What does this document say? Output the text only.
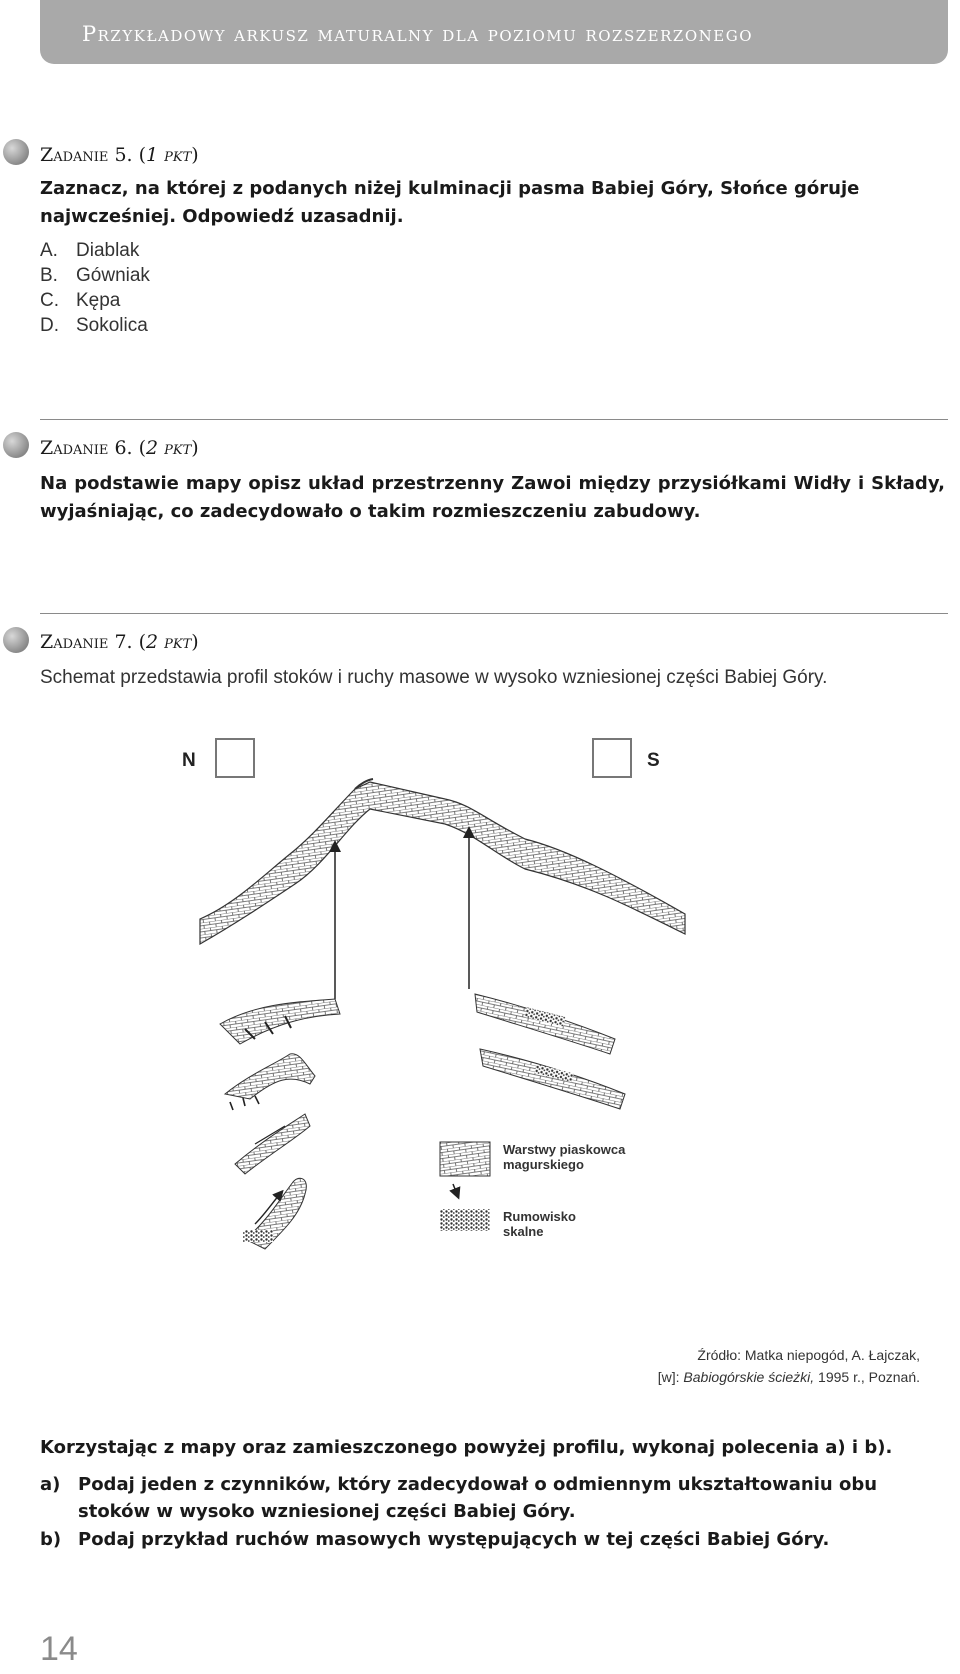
Przykładowy arkusz maturalny dla poziomu rozszerzonego
Zadanie 5. (1 pkt)
Zaznacz, na której z podanych niżej kulminacji pasma Babiej Góry, Słońce góruje najwcześniej. Odpowiedź uzasadnij.
A. Diablak
B. Gówniak
C. Kępa
D. Sokolica
Zadanie 6. (2 pkt)
Na podstawie mapy opisz układ przestrzenny Zawoi między przysiółkami Widły i Składy, wyjaśniając, co zadecydowało o takim rozmieszczeniu zabudowy.
Zadanie 7. (2 pkt)
Schemat przedstawia profil stoków i ruchy masowe w wysoko wzniesionej części Babiej Góry.
N	S
Warstwy piaskowca
magurskiego
Rumowisko
skalne
Źródło: Matka niepogód, A. Łajczak,
[w]: Babiogórskie ścieżki, 1995 r., Poznań.
Korzystając z mapy oraz zamieszczonego powyżej profilu, wykonaj polecenia a) i b).
a) Podaj jeden z czynników, który zadecydował o odmiennym ukształtowaniu obu stoków w wysoko wzniesionej części Babiej Góry.
b) Podaj przykład ruchów masowych występujących w tej części Babiej Góry.
14
